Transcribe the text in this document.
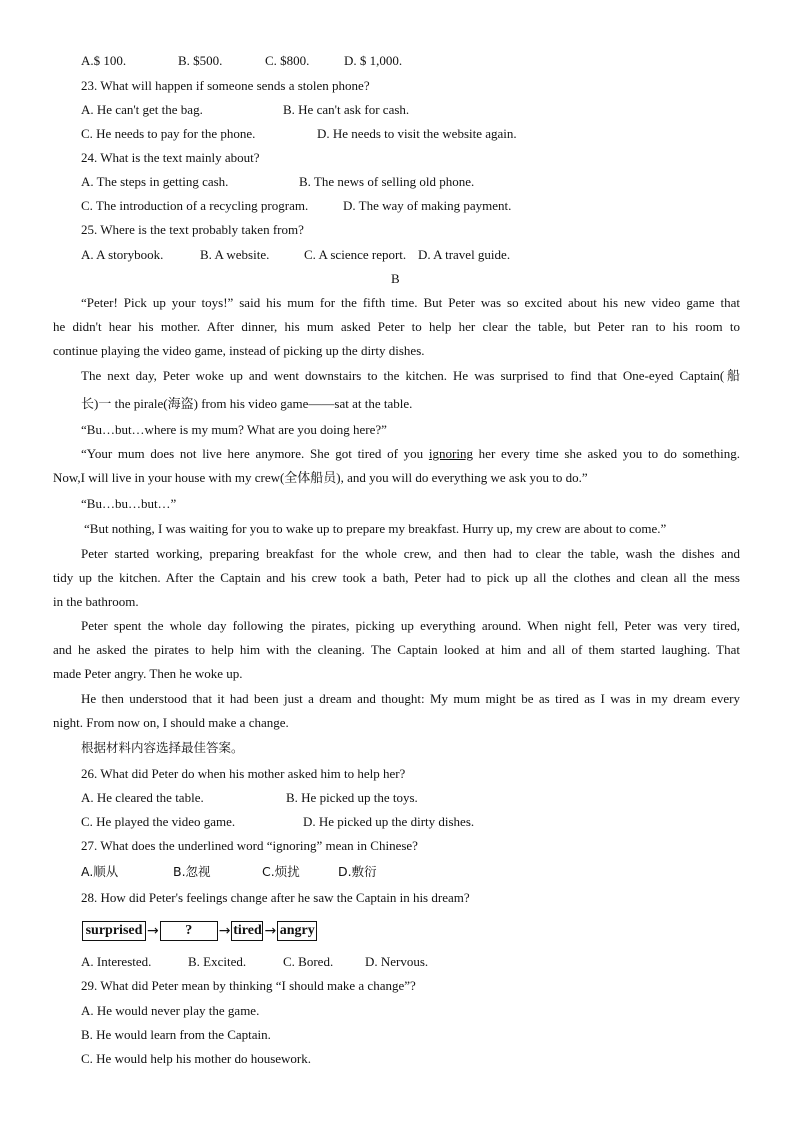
A.$ 100.	B. $500.	C. $800.	D. $ 1,000.
23. What will happen if someone sends a stolen phone?
A. He can't get the bag.	B. He can't ask for cash.
C. He needs to pay for the phone.	D. He needs to visit the website again.
24. What is the text mainly about?
A. The steps in getting cash.	B. The news of selling old phone.
C. The introduction of a recycling program.	D. The way of making payment.
25. Where is the text probably taken from?
A. A storybook.	B. A website.	C. A science report. D. A travel guide.
B
“Peter! Pick up your toys!” said his mum for the fifth time. But Peter was so excited about his new video game that
he didn't hear his mother. After dinner, his mum asked Peter to help her clear the table, but Peter ran to his room to
continue playing the video game, instead of picking up the dirty dishes.
The next day, Peter woke up and went downstairs to the kitchen. He was surprised to find that One-eyed Captain(船
长)一 the pirale(海盗) from his video game——sat at the table.
“Bu…but…where is my mum? What are you doing here?”
“Your mum does not live here anymore. She got tired of you ignoring her every time she asked you to do something.
Now,I will live in your house with my crew(全体船员), and you will do everything we ask you to do.”
“Bu…bu…but…”
“But nothing, I was waiting for you to wake up to prepare my breakfast. Hurry up, my crew are about to come.”
Peter started working, preparing breakfast for the whole crew, and then had to clear the table, wash the dishes and
tidy up the kitchen. After the Captain and his crew took a bath, Peter had to pick up all the clothes and clean all the mess
in the bathroom.
Peter spent the whole day following the pirates, picking up everything around. When night fell, Peter was very tired,
and he asked the pirates to help him with the cleaning. The Captain looked at him and all of them started laughing. That
made Peter angry. Then he woke up.
He then understood that it had been just a dream and thought: My mum might be as tired as I was in my dream every
night. From now on, I should make a change.
根据材料内容选择最佳答案。
26. What did Peter do when his mother asked him to help her?
A. He cleared the table.	B. He picked up the toys.
C. He played the video game.	D. He picked up the dirty dishes.
27. What does the underlined word “ignoring” mean in Chinese?
A.顺从	B.忽视	C.烦扰	D.敷衍
28. How did Peter's feelings change after he saw the Captain in his dream?
surprised →	?	→ tired → angry
A. Interested.	B. Excited.	C. Bored. D. Nervous.
29. What did Peter mean by thinking “I should make a change”?
A. He would never play the game.
B. He would learn from the Captain.
C. He would help his mother do housework.
